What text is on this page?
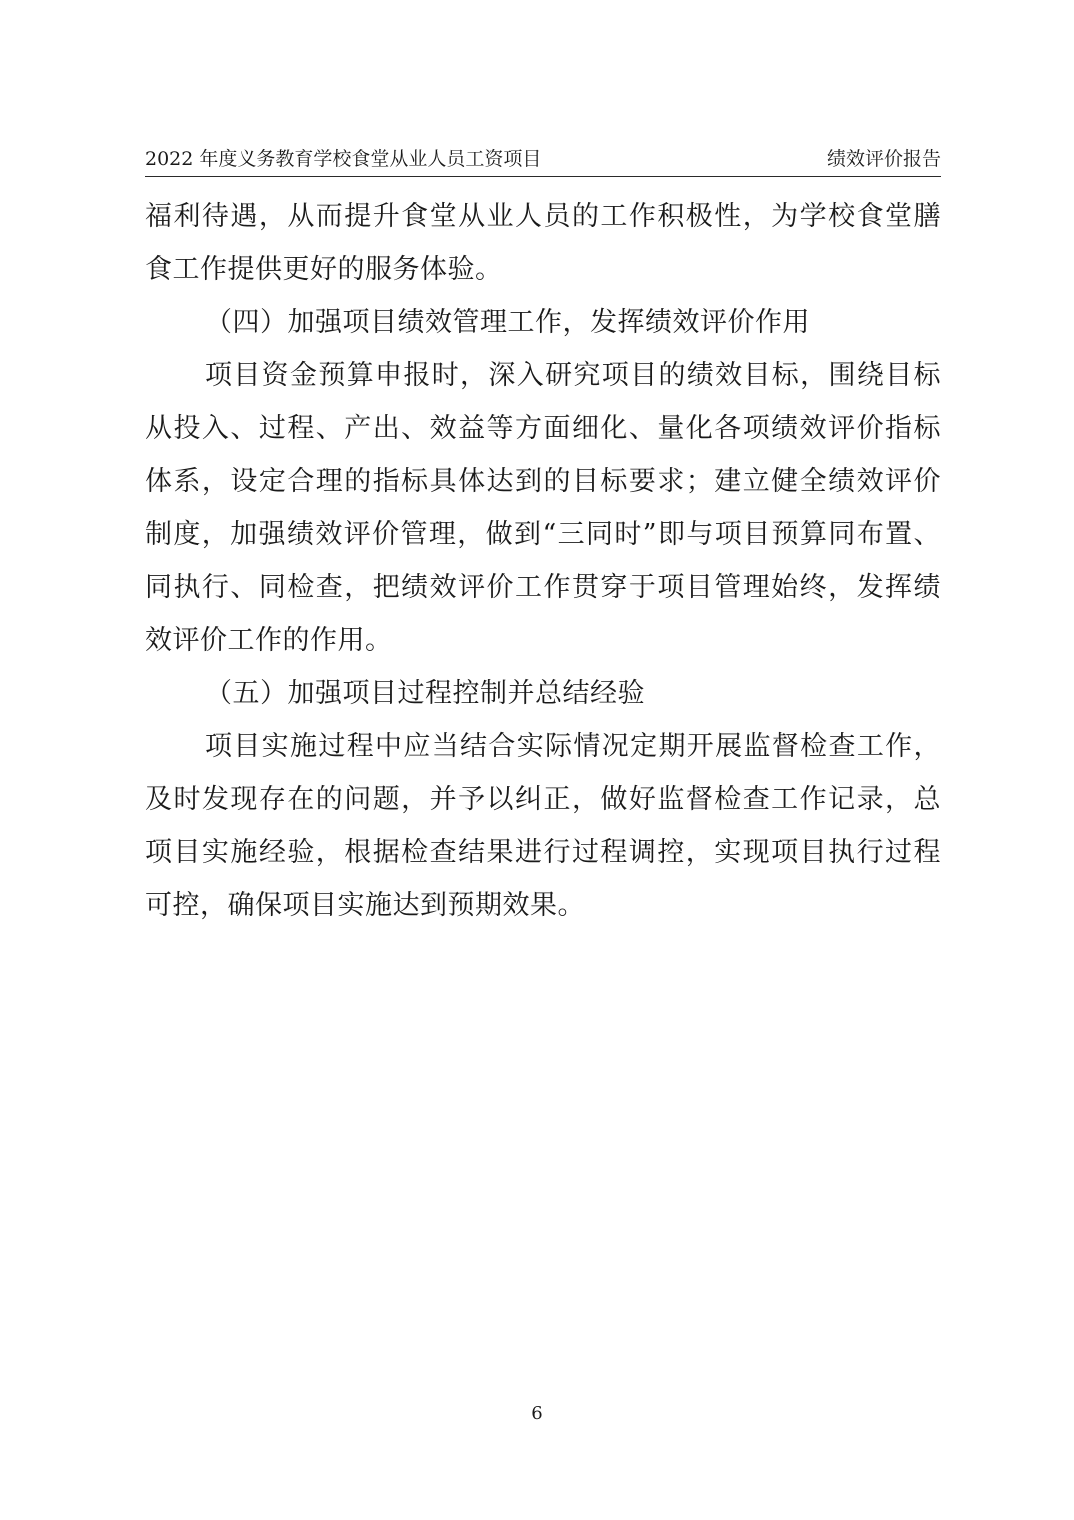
2022 年度义务教育学校食堂从业人员工资项目	绩效评价报告

福利待遇，从而提升食堂从业人员的工作积极性，为学校食堂膳食工作提供更好的服务体验。

（四）加强项目绩效管理工作，发挥绩效评价作用

项目资金预算申报时，深入研究项目的绩效目标，围绕目标从投入、过程、产出、效益等方面细化、量化各项绩效评价指标体系，设定合理的指标具体达到的目标要求；建立健全绩效评价制度，加强绩效评价管理，做到“三同时”即与项目预算同布置、同执行、同检查，把绩效评价工作贯穿于项目管理始终，发挥绩效评价工作的作用。

（五）加强项目过程控制并总结经验

项目实施过程中应当结合实际情况定期开展监督检查工作，及时发现存在的问题，并予以纠正，做好监督检查工作记录，总项目实施经验，根据检查结果进行过程调控，实现项目执行过程可控，确保项目实施达到预期效果。

6
